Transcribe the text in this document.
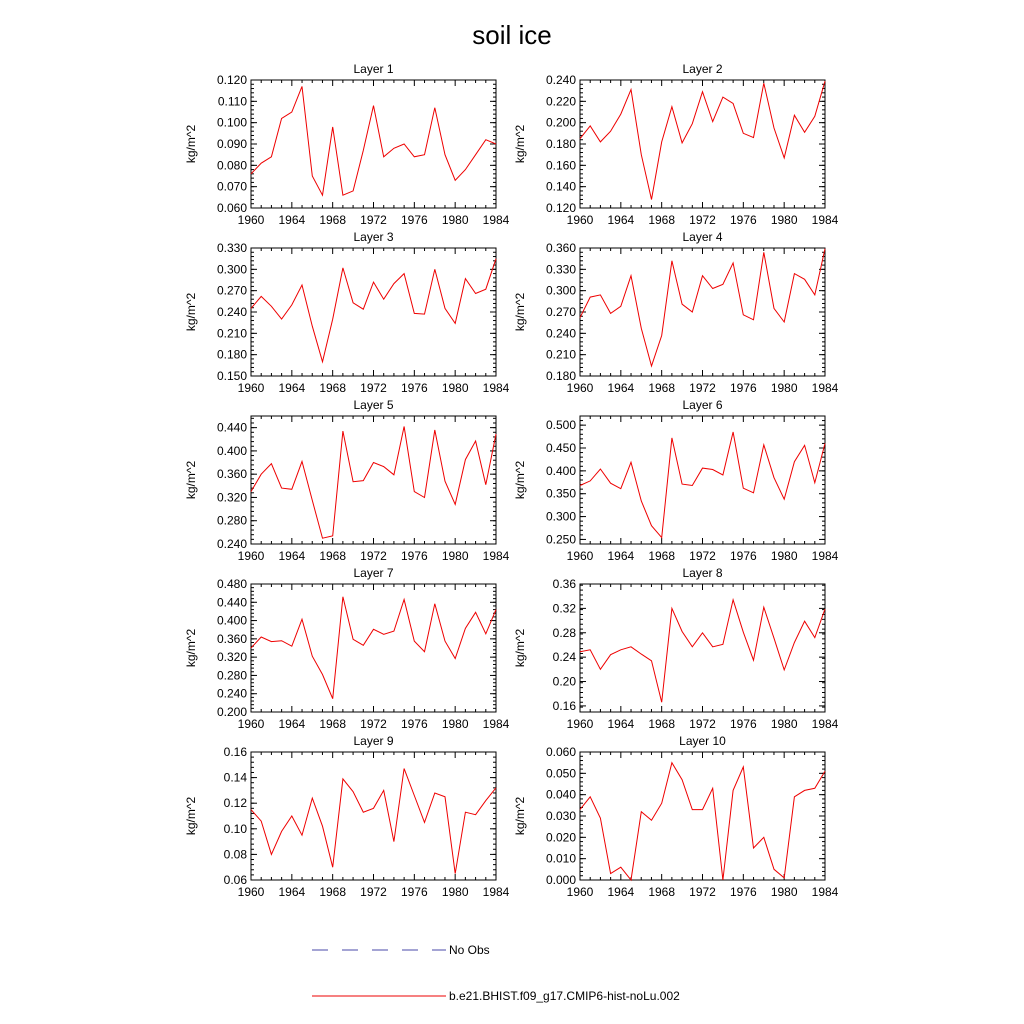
soil ice
Layer 1
1960 1964 1968 1972 1976 1980 1984
0.060
0.070
0.080
0.090
0.100
0.110
0.120
kg/m^2
Layer 2
1960 1964 1968 1972 1976 1980 1984
0.120
0.140
0.160
0.180
0.200
0.220
0.240
kg/m^2
Layer 3
1960 1964 1968 1972 1976 1980 1984
0.150
0.180
0.210
0.240
0.270
0.300
0.330
kg/m^2
Layer 4
1960 1964 1968 1972 1976 1980 1984
0.180
0.210
0.240
0.270
0.300
0.330
0.360
kg/m^2
Layer 5
1960 1964 1968 1972 1976 1980 1984
0.240
0.280
0.320
0.360
0.400
0.440
kg/m^2
Layer 6
1960 1964 1968 1972 1976 1980 1984
0.250
0.300
0.350
0.400
0.450
0.500
kg/m^2
Layer 7
1960 1964 1968 1972 1976 1980 1984
0.200
0.240
0.280
0.320
0.360
0.400
0.440
0.480
kg/m^2
Layer 8
1960 1964 1968 1972 1976 1980 1984
0.16
0.20
0.24
0.28
0.32
0.36
kg/m^2
Layer 9
1960 1964 1968 1972 1976 1980 1984
0.06
0.08
0.10
0.12
0.14
0.16
kg/m^2
Layer 10
1960 1964 1968 1972 1976 1980 1984
0.000
0.010
0.020
0.030
0.040
0.050
0.060
kg/m^2
No Obs
b.e21.BHIST.f09_g17.CMIP6-hist-noLu.002
